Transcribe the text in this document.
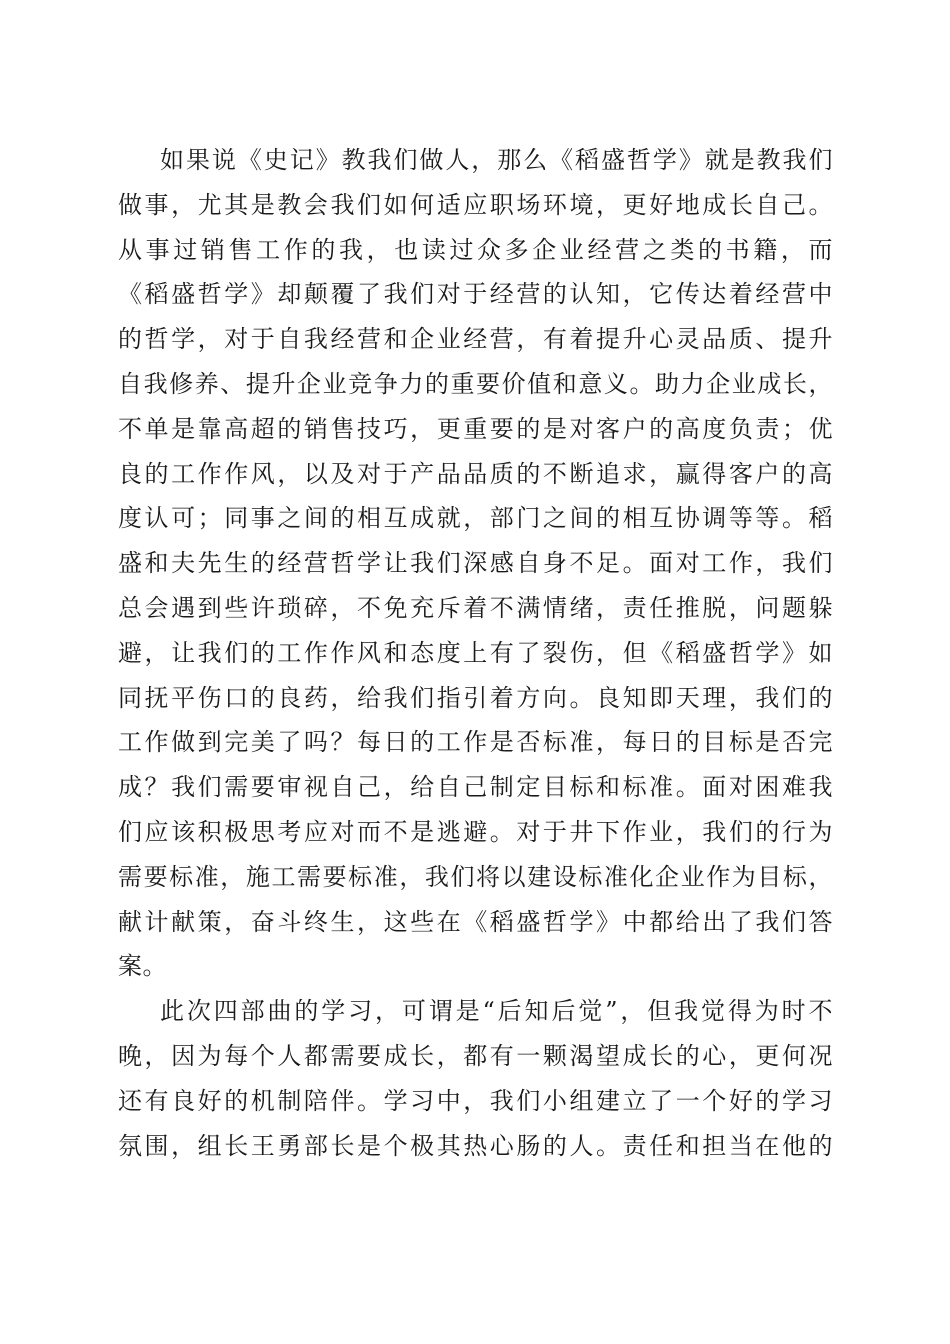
如果说《史记》教我们做人，那么《稻盛哲学》就是教我们
做事，尤其是教会我们如何适应职场环境，更好地成长自己。
从事过销售工作的我，也读过众多企业经营之类的书籍，而
《稻盛哲学》却颠覆了我们对于经营的认知，它传达着经营中
的哲学，对于自我经营和企业经营，有着提升心灵品质、提升
自我修养、提升企业竞争力的重要价值和意义。助力企业成长，
不单是靠高超的销售技巧，更重要的是对客户的高度负责；优
良的工作作风，以及对于产品品质的不断追求，赢得客户的高
度认可；同事之间的相互成就，部门之间的相互协调等等。稻
盛和夫先生的经营哲学让我们深感自身不足。面对工作，我们
总会遇到些许琐碎，不免充斥着不满情绪，责任推脱，问题躲
避，让我们的工作作风和态度上有了裂伤，但《稻盛哲学》如
同抚平伤口的良药，给我们指引着方向。良知即天理，我们的
工作做到完美了吗？每日的工作是否标准，每日的目标是否完
成？我们需要审视自己，给自己制定目标和标准。面对困难我
们应该积极思考应对而不是逃避。对于井下作业，我们的行为
需要标准，施工需要标准，我们将以建设标准化企业作为目标，
献计献策，奋斗终生，这些在《稻盛哲学》中都给出了我们答
案。
此次四部曲的学习，可谓是“后知后觉”，但我觉得为时不
晚，因为每个人都需要成长，都有一颗渴望成长的心，更何况
还有良好的机制陪伴。学习中，我们小组建立了一个好的学习
氛围，组长王勇部长是个极其热心肠的人。责任和担当在他的
